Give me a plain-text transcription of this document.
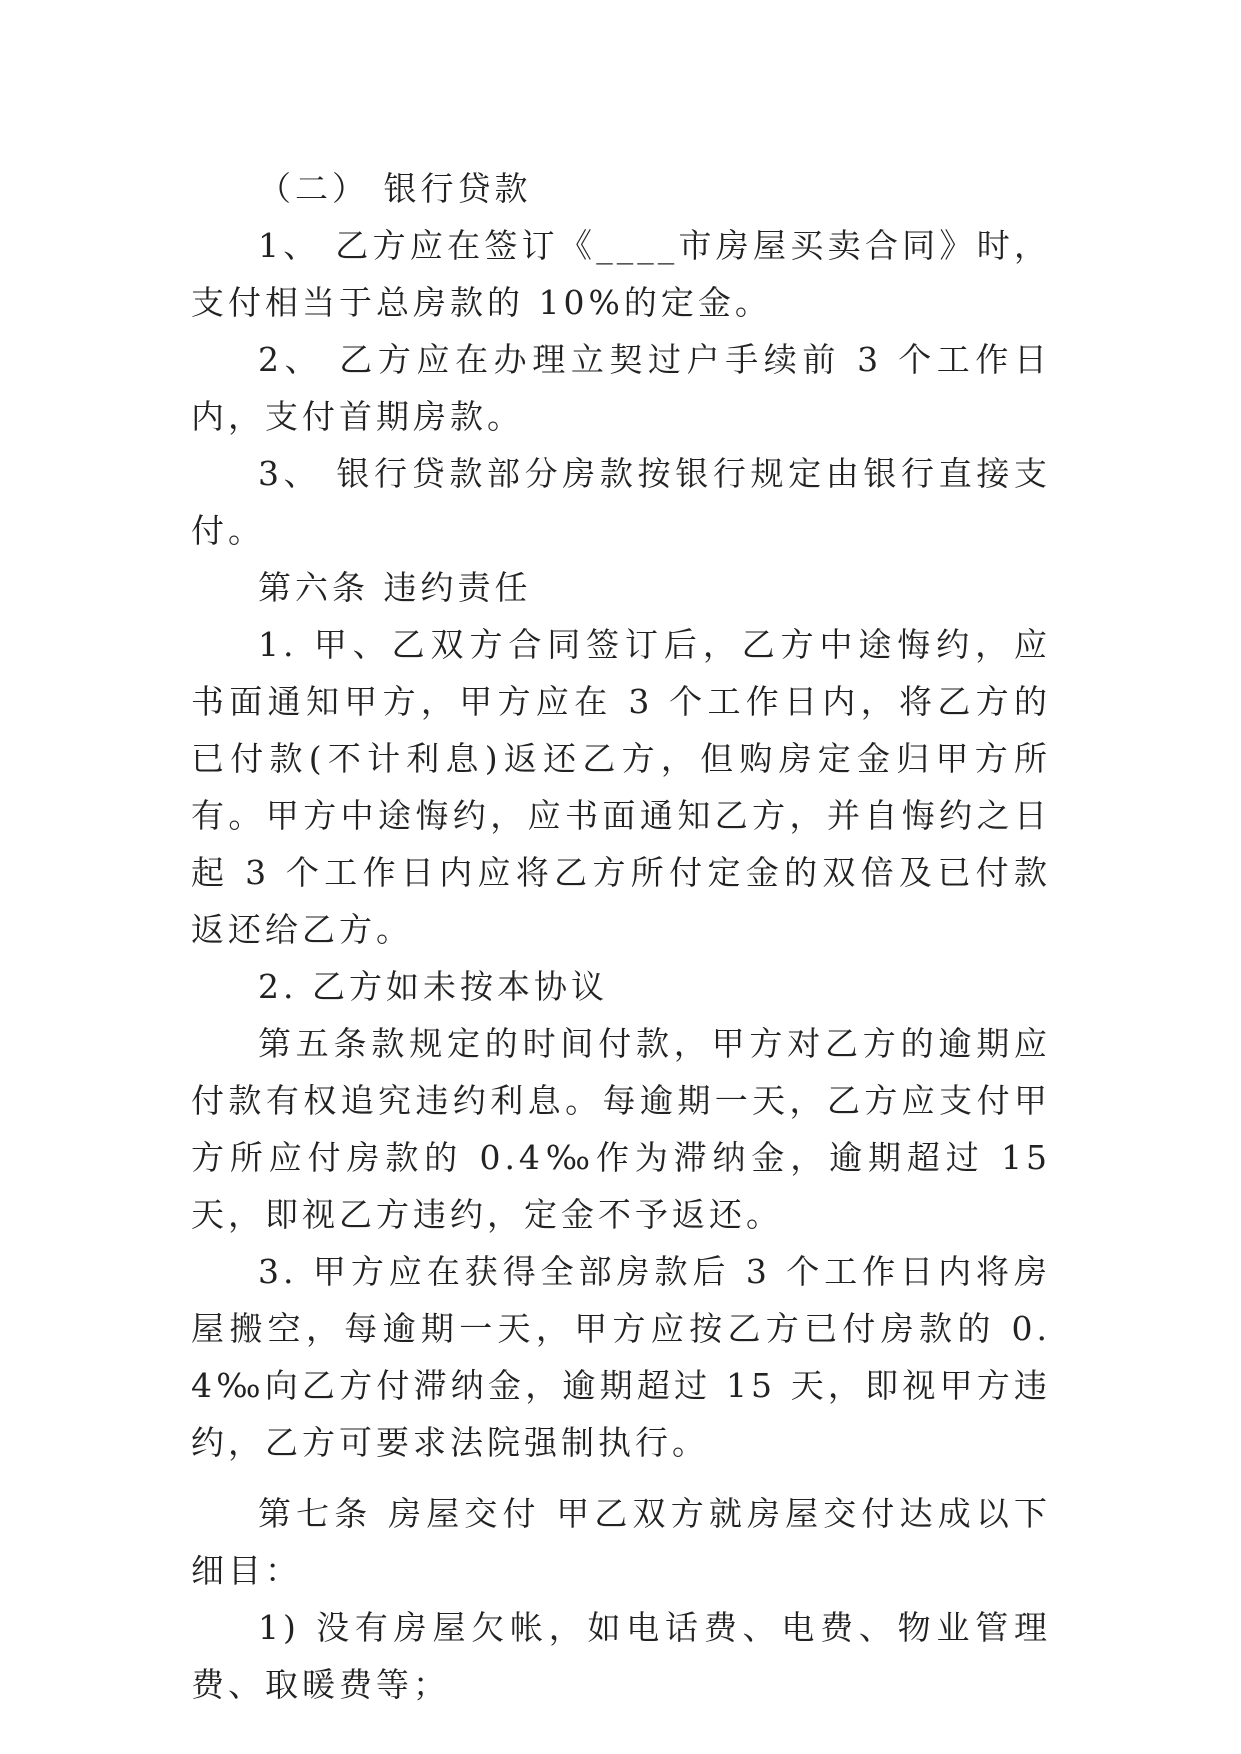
（二） 银行贷款

1、 乙方应在签订《____市房屋买卖合同》时，支付相当于总房款的 10%的定金。

2、 乙方应在办理立契过户手续前 3 个工作日内，支付首期房款。

3、 银行贷款部分房款按银行规定由银行直接支付。

第六条 违约责任

1. 甲、乙双方合同签订后，乙方中途悔约，应书面通知甲方，甲方应在 3 个工作日内，将乙方的已付款(不计利息)返还乙方，但购房定金归甲方所有。甲方中途悔约，应书面通知乙方，并自悔约之日起 3 个工作日内应将乙方所付定金的双倍及已付款返还给乙方。

2. 乙方如未按本协议

第五条款规定的时间付款，甲方对乙方的逾期应付款有权追究违约利息。每逾期一天，乙方应支付甲方所应付房款的 0.4‰作为滞纳金，逾期超过 15 天，即视乙方违约，定金不予返还。

3. 甲方应在获得全部房款后 3 个工作日内将房屋搬空，每逾期一天，甲方应按乙方已付房款的 0.4‰向乙方付滞纳金，逾期超过 15 天，即视甲方违约，乙方可要求法院强制执行。

第七条 房屋交付 甲乙双方就房屋交付达成以下细目：

1) 没有房屋欠帐，如电话费、电费、物业管理费、取暖费等；
